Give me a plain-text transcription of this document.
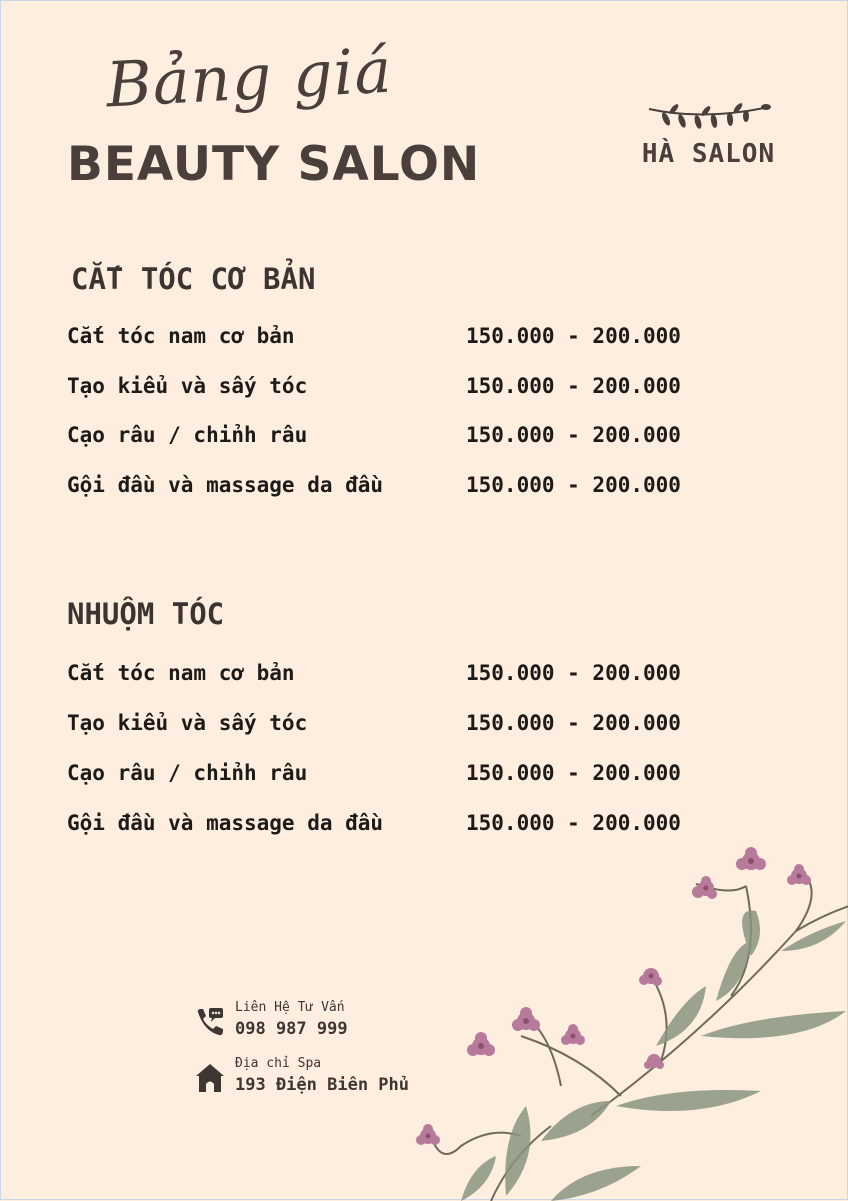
Bảng giá
BEAUTY SALON	HÀ SALON
CẮT TÓC CƠ BẢN
Cắt tóc nam cơ bản	150.000 - 200.000
Tạo kiểu và sấy tóc	150.000 - 200.000
Cạo râu / chỉnh râu	150.000 - 200.000
Gội đầu và massage da đầu	150.000 - 200.000
NHUỘM TÓC
Cắt tóc nam cơ bản	150.000 - 200.000
Tạo kiểu và sấy tóc	150.000 - 200.000
Cạo râu / chỉnh râu	150.000 - 200.000
Gội đầu và massage da đầu	150.000 - 200.000
Liên Hệ Tư Vấn
098 987 999
Địa chỉ Spa
193 Điện Biên Phủ
